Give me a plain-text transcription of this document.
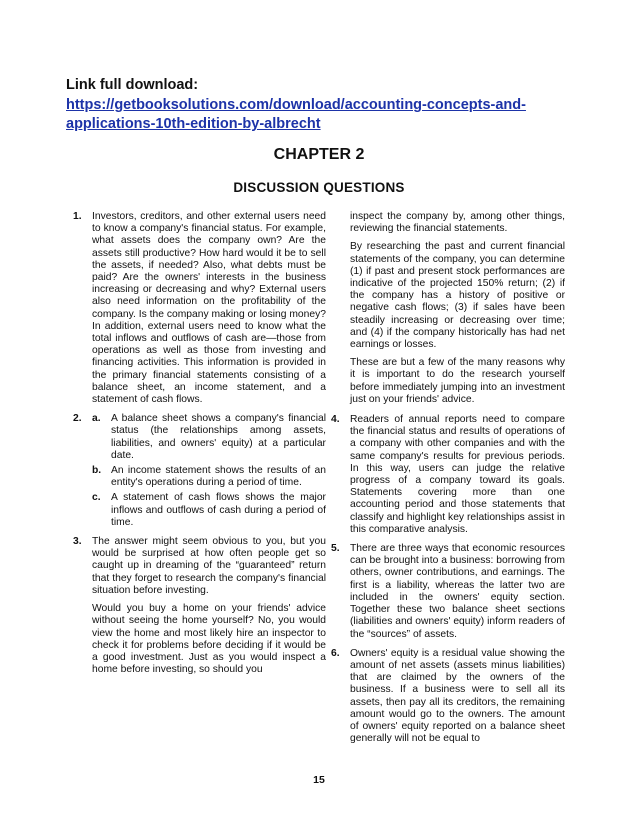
Link full download:
https://getbooksolutions.com/download/accounting-concepts-and-applications-10th-edition-by-albrecht
CHAPTER 2
DISCUSSION QUESTIONS
1. Investors, creditors, and other external users need to know a company's financial status. For example, what assets does the company own? Are the assets still productive? How hard would it be to sell the assets, if needed? Also, what debts must be paid? Are the owners' interests in the business increasing or decreasing and why? External users also need information on the profitability of the company. Is the company making or losing money? In addition, external users need to know what the total inflows and outflows of cash are—those from operations as well as those from investing and financing activities. This information is provided in the primary financial statements consisting of a balance sheet, an income statement, and a statement of cash flows.
2. a. A balance sheet shows a company's financial status (the relationships among assets, liabilities, and owners' equity) at a particular date.
b. An income statement shows the results of an entity's operations during a period of time.
c. A statement of cash flows shows the major inflows and outflows of cash during a period of time.
3. The answer might seem obvious to you, but you would be surprised at how often people get so caught up in dreaming of the “guaranteed” return that they forget to research the company's financial situation before investing.
Would you buy a home on your friends' advice without seeing the home yourself? No, you would view the home and most likely hire an inspector to check it for problems before deciding if it would be a good investment. Just as you would inspect a home before investing, so should you
inspect the company by, among other things, reviewing the financial statements.
By researching the past and current financial statements of the company, you can determine (1) if past and present stock performances are indicative of the projected 150% return; (2) if the company has a history of positive or negative cash flows; (3) if sales have been steadily increasing or decreasing over time; and (4) if the company historically has had net earnings or losses.
These are but a few of the many reasons why it is important to do the research yourself before immediately jumping into an investment just on your friends' advice.
4. Readers of annual reports need to compare the financial status and results of operations of a company with other companies and with the same company's results for previous periods. In this way, users can judge the relative progress of a company toward its goals. Statements covering more than one accounting period and those statements that classify and highlight key relationships assist in this comparative analysis.
5. There are three ways that economic resources can be brought into a business: borrowing from others, owner contributions, and earnings. The first is a liability, whereas the latter two are included in the owners' equity section. Together these two balance sheet sections (liabilities and owners' equity) inform readers of the “sources” of assets.
6. Owners' equity is a residual value showing the amount of net assets (assets minus liabilities) that are claimed by the owners of the business. If a business were to sell all its assets, then pay all its creditors, the remaining amount would go to the owners. The amount of owners' equity reported on a balance sheet generally will not be equal to
15
